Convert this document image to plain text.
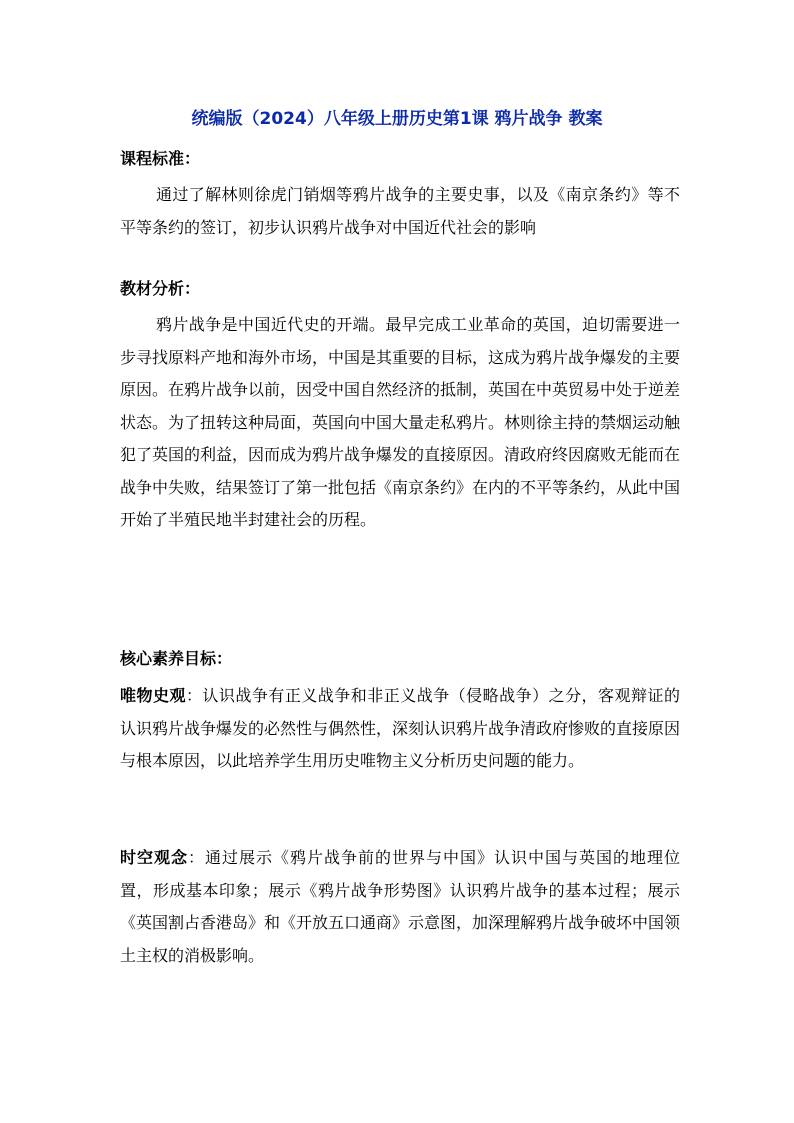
统编版（2024）八年级上册历史第1课 鸦片战争 教案
课程标准：
通过了解林则徐虎门销烟等鸦片战争的主要史事，以及《南京条约》等不平等条约的签订，初步认识鸦片战争对中国近代社会的影响
教材分析：
鸦片战争是中国近代史的开端。最早完成工业革命的英国，迫切需要进一步寻找原料产地和海外市场，中国是其重要的目标，这成为鸦片战争爆发的主要原因。在鸦片战争以前，因受中国自然经济的抵制，英国在中英贸易中处于逆差状态。为了扭转这种局面，英国向中国大量走私鸦片。林则徐主持的禁烟运动触犯了英国的利益，因而成为鸦片战争爆发的直接原因。清政府终因腐败无能而在战争中失败，结果签订了第一批包括《南京条约》在内的不平等条约，从此中国开始了半殖民地半封建社会的历程。
核心素养目标：
唯物史观：认识战争有正义战争和非正义战争（侵略战争）之分，客观辩证的认识鸦片战争爆发的必然性与偶然性，深刻认识鸦片战争清政府惨败的直接原因与根本原因，以此培养学生用历史唯物主义分析历史问题的能力。
时空观念：通过展示《鸦片战争前的世界与中国》认识中国与英国的地理位置，形成基本印象；展示《鸦片战争形势图》认识鸦片战争的基本过程；展示《英国割占香港岛》和《开放五口通商》示意图，加深理解鸦片战争破坏中国领土主权的消极影响。
